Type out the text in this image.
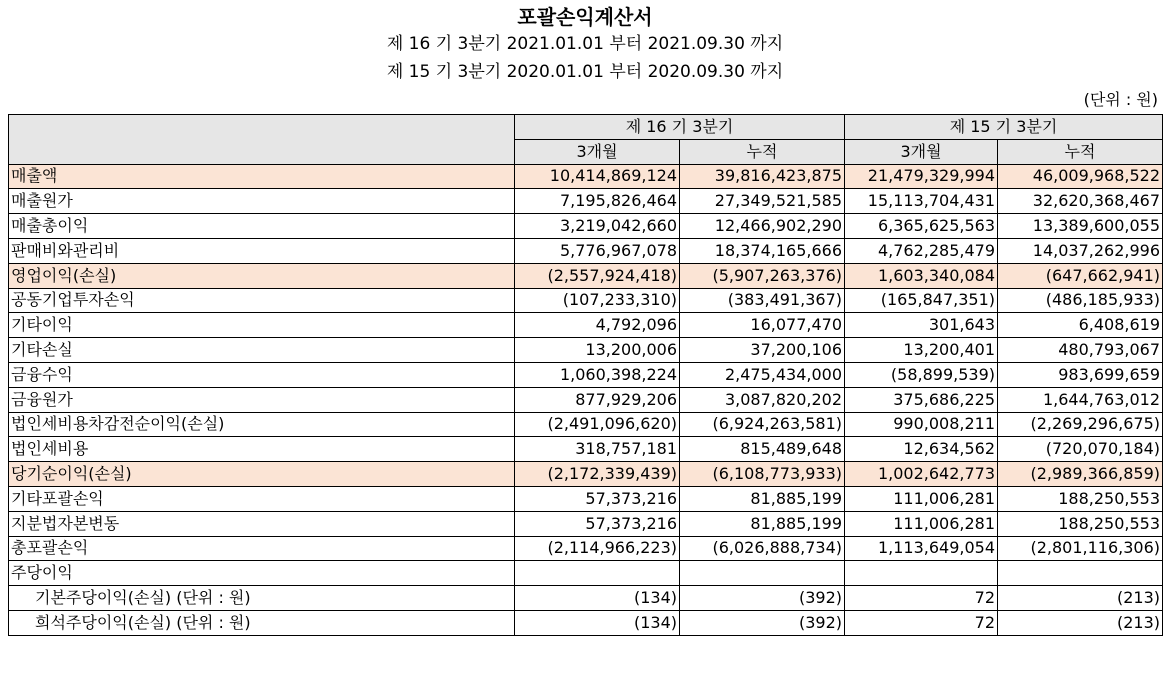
포괄손익계산서
제 16 기 3분기 2021.01.01 부터 2021.09.30 까지
제 15 기 3분기 2020.01.01 부터 2020.09.30 까지
(단위 : 원)
	제 16 기 3분기		제 15 기 3분기	
	3개월	누적	3개월	누적
매출액	10,414,869,124	39,816,423,875	21,479,329,994	46,009,968,522
매출원가	7,195,826,464	27,349,521,585	15,113,704,431	32,620,368,467
매출총이익	3,219,042,660	12,466,902,290	6,365,625,563	13,389,600,055
판매비와관리비	5,776,967,078	18,374,165,666	4,762,285,479	14,037,262,996
영업이익(손실)	(2,557,924,418)	(5,907,263,376)	1,603,340,084	(647,662,941)
공동기업투자손익	(107,233,310)	(383,491,367)	(165,847,351)	(486,185,933)
기타이익	4,792,096	16,077,470	301,643	6,408,619
기타손실	13,200,006	37,200,106	13,200,401	480,793,067
금융수익	1,060,398,224	2,475,434,000	(58,899,539)	983,699,659
금융원가	877,929,206	3,087,820,202	375,686,225	1,644,763,012
법인세비용차감전순이익(손실)	(2,491,096,620)	(6,924,263,581)	990,008,211	(2,269,296,675)
법인세비용	318,757,181	815,489,648	12,634,562	(720,070,184)
당기순이익(손실)	(2,172,339,439)	(6,108,773,933)	1,002,642,773	(2,989,366,859)
기타포괄손익	57,373,216	81,885,199	111,006,281	188,250,553
지분법자본변동	57,373,216	81,885,199	111,006,281	188,250,553
총포괄손익	(2,114,966,223)	(6,026,888,734)	1,113,649,054	(2,801,116,306)
주당이익				
기본주당이익(손실) (단위 : 원)	(134)	(392)	72	(213)
희석주당이익(손실) (단위 : 원)	(134)	(392)	72	(213)
